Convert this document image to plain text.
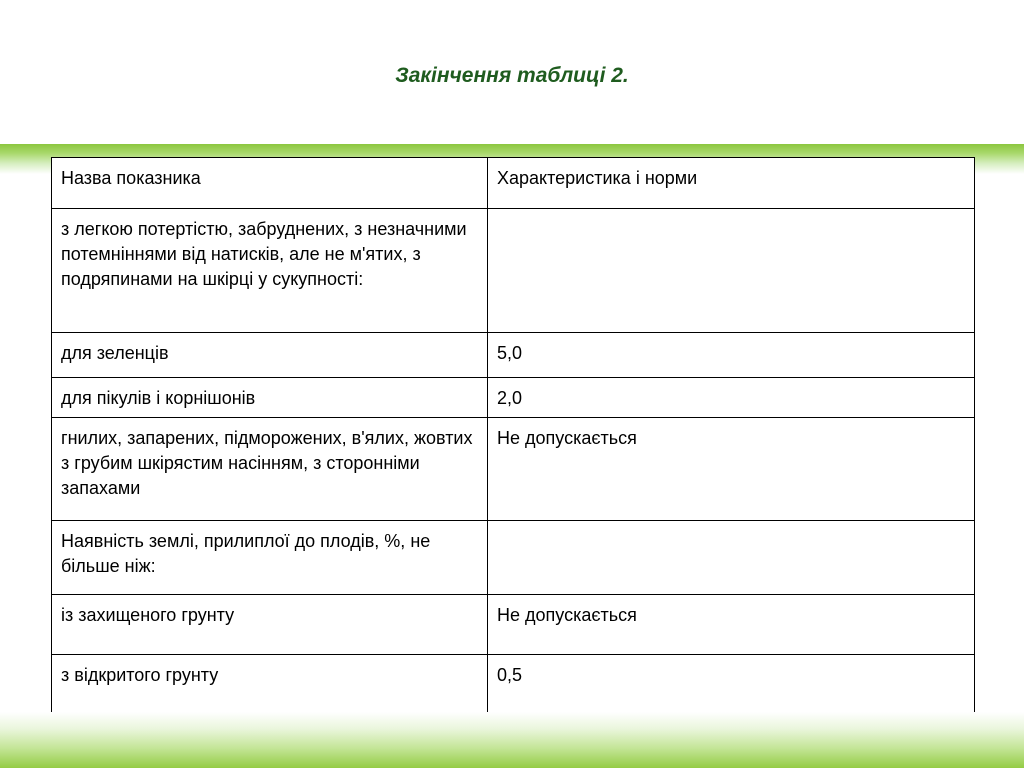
Закінчення таблиці 2.
Назва показника	Характеристика і норми
з легкою потертістю, забруднених, з незначними потемніннями від натисків, але не м'ятих, з подряпинами на шкірці у сукупності:	
для зеленців	5,0
для пікулів і корнішонів	2,0
гнилих, запарених, підморожених, в'ялих, жовтих з грубим шкірястим насінням, з сторонніми запахами	Не допускається
Наявність землі, прилиплої до плодів, %, не більше ніж:	
із захищеного грунту	Не допускається
з відкритого грунту	0,5
